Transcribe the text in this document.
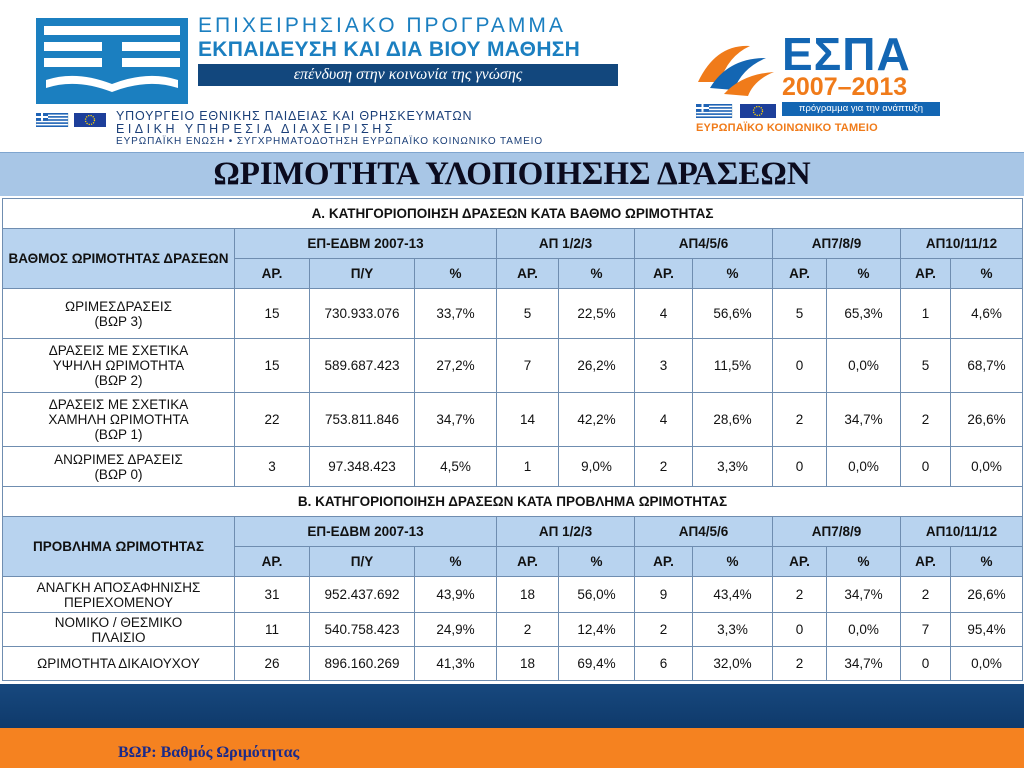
ΕΠΙΧΕΙΡΗΣΙΑΚΟ ΠΡΟΓΡΑΜΜΑ
ΕΚΠΑΙΔΕΥΣΗ ΚΑΙ ΔΙΑ ΒΙΟΥ ΜΑΘΗΣΗ
επένδυση στην κοινωνία της γνώσης
ΥΠΟΥΡΓΕΙΟ ΕΘΝΙΚΗΣ ΠΑΙΔΕΙΑΣ ΚΑΙ ΘΡΗΣΚΕΥΜΑΤΩΝ
ΕΙΔΙΚΗ ΥΠΗΡΕΣΙΑ ΔΙΑΧΕΙΡΙΣΗΣ
ΕΥΡΩΠΑΪΚΗ ΕΝΩΣΗ • ΣΥΓΧΡΗΜΑΤΟΔΟΤΗΣΗ ΕΥΡΩΠΑΪΚΟ ΚΟΙΝΩΝΙΚΟ ΤΑΜΕΙΟ
ΕΣΠΑ
2007–2013
πρόγραμμα για την ανάπτυξη
ΕΥΡΩΠΑΪΚΟ ΚΟΙΝΩΝΙΚΟ ΤΑΜΕΙΟ
ΩΡΙΜΟΤΗΤΑ ΥΛΟΠΟΙΗΣΗΣ ΔΡΑΣΕΩΝ
Α. ΚΑΤΗΓΟΡΙΟΠΟΙΗΣΗ ΔΡΑΣΕΩΝ ΚΑΤΑ ΒΑΘΜΟ ΩΡΙΜΟΤΗΤΑΣ											
ΒΑΘΜΟΣ ΩΡΙΜΟΤΗΤΑΣ ΔΡΑΣΕΩΝ	ΕΠ-ΕΔΒΜ 2007-13			ΑΠ 1/2/3		ΑΠ4/5/6		ΑΠ7/8/9		ΑΠ10/11/12	
	ΑΡ.	Π/Υ	%	ΑΡ.	%	ΑΡ.	%	ΑΡ.	%	ΑΡ.	%

ΩΡΙΜΕΣΔΡΑΣΕΙΣ
(ΒΩΡ 3)	15	730.933.076	33,7%	5	22,5%	4	56,6%	5	65,3%	1	4,6%

ΔΡΑΣΕΙΣ ΜΕ ΣΧΕΤΙΚΑ
ΥΨΗΛΗ ΩΡΙΜΟΤΗΤΑ
(ΒΩΡ 2)	15	589.687.423	27,2%	7	26,2%	3	11,5%	0	0,0%	5	68,7%

ΔΡΑΣΕΙΣ ΜΕ ΣΧΕΤΙΚΑ
ΧΑΜΗΛΗ ΩΡΙΜΟΤΗΤΑ
(ΒΩΡ 1)	22	753.811.846	34,7%	14	42,2%	4	28,6%	2	34,7%	2	26,6%

ΑΝΩΡΙΜΕΣ ΔΡΑΣΕΙΣ
(ΒΩΡ 0)	3	97.348.423	4,5%	1	9,0%	2	3,3%	0	0,0%	0	0,0%
Β. ΚΑΤΗΓΟΡΙΟΠΟΙΗΣΗ ΔΡΑΣΕΩΝ ΚΑΤΑ ΠΡΟΒΛΗΜΑ ΩΡΙΜΟΤΗΤΑΣ											
ΠΡΟΒΛΗΜΑ ΩΡΙΜΟΤΗΤΑΣ	ΕΠ-ΕΔΒΜ 2007-13			ΑΠ 1/2/3		ΑΠ4/5/6		ΑΠ7/8/9		ΑΠ10/11/12	
	ΑΡ.	Π/Υ	%	ΑΡ.	%	ΑΡ.	%	ΑΡ.	%	ΑΡ.	%

ΑΝΑΓΚΗ ΑΠΟΣΑΦΗΝΙΣΗΣ
ΠΕΡΙΕΧΟΜΕΝΟΥ	31	952.437.692	43,9%	18	56,0%	9	43,4%	2	34,7%	2	26,6%

ΝΟΜΙΚΟ / ΘΕΣΜΙΚΟ
ΠΛΑΙΣΙΟ	11	540.758.423	24,9%	2	12,4%	2	3,3%	0	0,0%	7	95,4%

ΩΡΙΜΟΤΗΤΑ ΔΙΚΑΙΟΥΧΟΥ	26	896.160.269	41,3%	18	69,4%	6	32,0%	2	34,7%	0	0,0%
ΒΩΡ: Βαθμός Ωριμότητας
